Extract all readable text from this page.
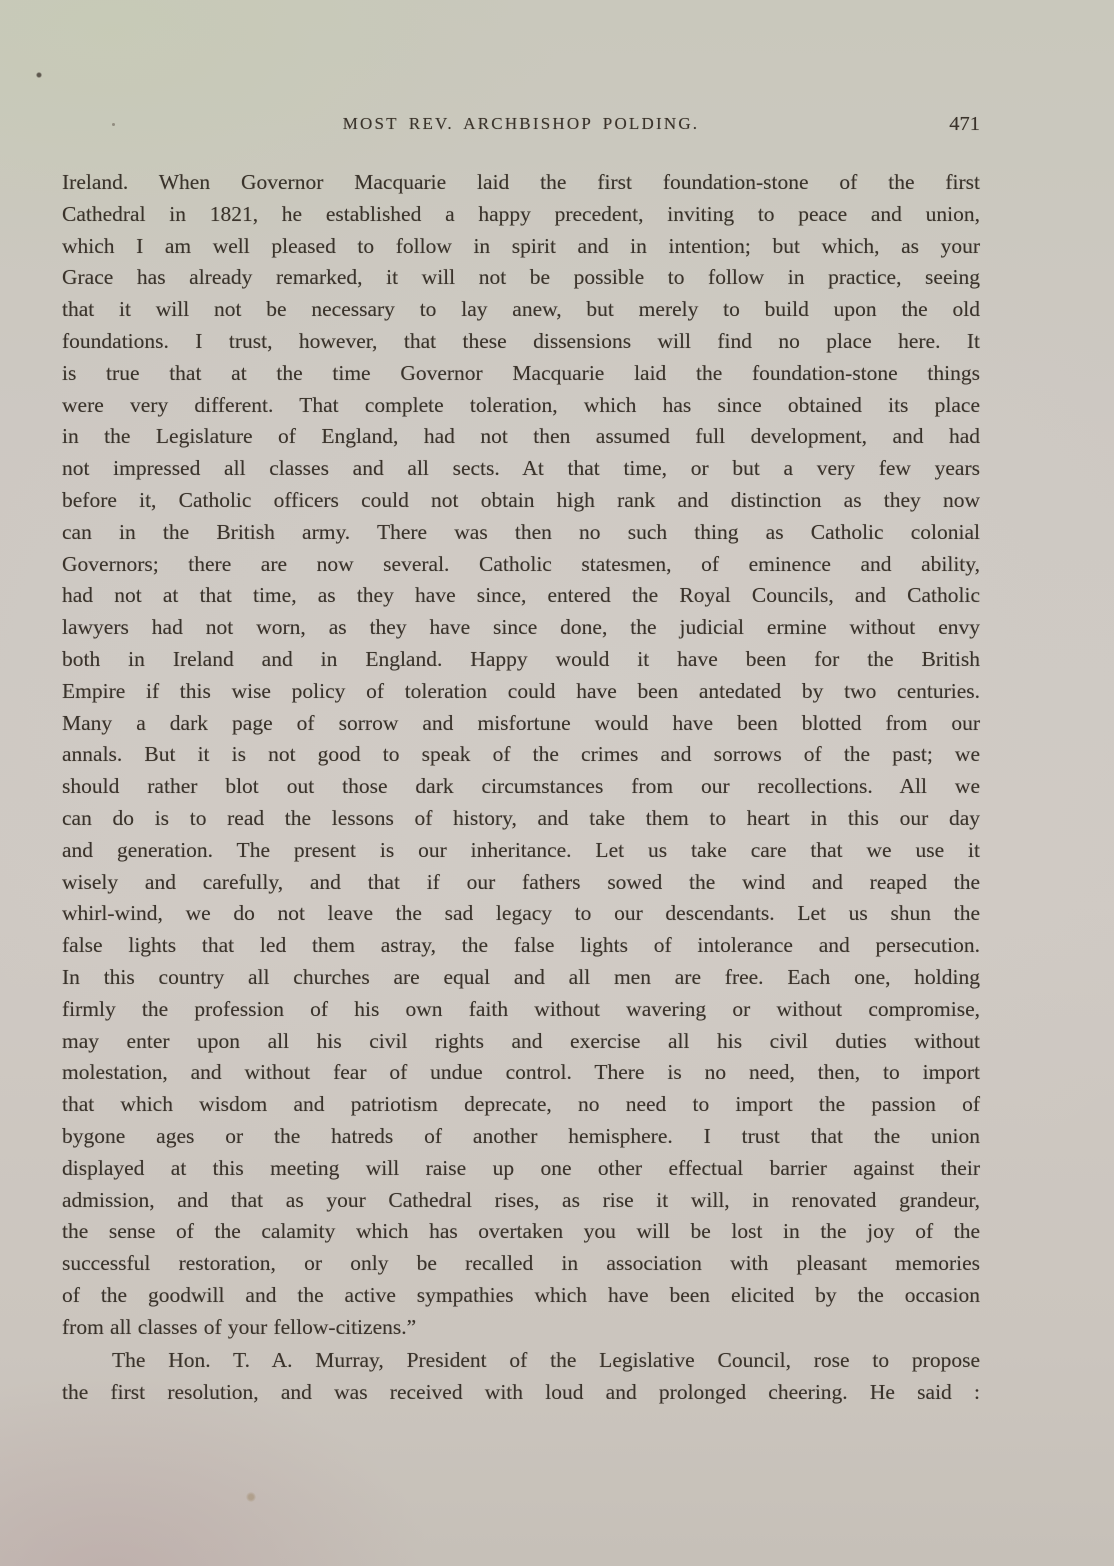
MOST REV. ARCHBISHOP POLDING.	471
Ireland. When Governor Macquarie laid the first foundation-stone of the first
Cathedral in 1821, he established a happy precedent, inviting to peace and union,
which I am well pleased to follow in spirit and in intention; but which, as your
Grace has already remarked, it will not be possible to follow in practice, seeing
that it will not be necessary to lay anew, but merely to build upon the old
foundations. I trust, however, that these dissensions will find no place here. It
is true that at the time Governor Macquarie laid the foundation-stone things
were very different. That complete toleration, which has since obtained its place
in the Legislature of England, had not then assumed full development, and had
not impressed all classes and all sects. At that time, or but a very few years
before it, Catholic officers could not obtain high rank and distinction as they now
can in the British army. There was then no such thing as Catholic colonial
Governors; there are now several. Catholic statesmen, of eminence and ability,
had not at that time, as they have since, entered the Royal Councils, and Catholic
lawyers had not worn, as they have since done, the judicial ermine without envy
both in Ireland and in England. Happy would it have been for the British
Empire if this wise policy of toleration could have been antedated by two centuries.
Many a dark page of sorrow and misfortune would have been blotted from our
annals. But it is not good to speak of the crimes and sorrows of the past; we
should rather blot out those dark circumstances from our recollections. All we
can do is to read the lessons of history, and take them to heart in this our day
and generation. The present is our inheritance. Let us take care that we use it
wisely and carefully, and that if our fathers sowed the wind and reaped the
whirl-wind, we do not leave the sad legacy to our descendants. Let us shun the
false lights that led them astray, the false lights of intolerance and persecution.
In this country all churches are equal and all men are free. Each one, holding
firmly the profession of his own faith without wavering or without compromise,
may enter upon all his civil rights and exercise all his civil duties without
molestation, and without fear of undue control. There is no need, then, to import
that which wisdom and patriotism deprecate, no need to import the passion of
bygone ages or the hatreds of another hemisphere. I trust that the union
displayed at this meeting will raise up one other effectual barrier against their
admission, and that as your Cathedral rises, as rise it will, in renovated grandeur,
the sense of the calamity which has overtaken you will be lost in the joy of the
successful restoration, or only be recalled in association with pleasant memories
of the goodwill and the active sympathies which have been elicited by the occasion
from all classes of your fellow-citizens.”
The Hon. T. A. Murray, President of the Legislative Council, rose to propose
the first resolution, and was received with loud and prolonged cheering. He said :
